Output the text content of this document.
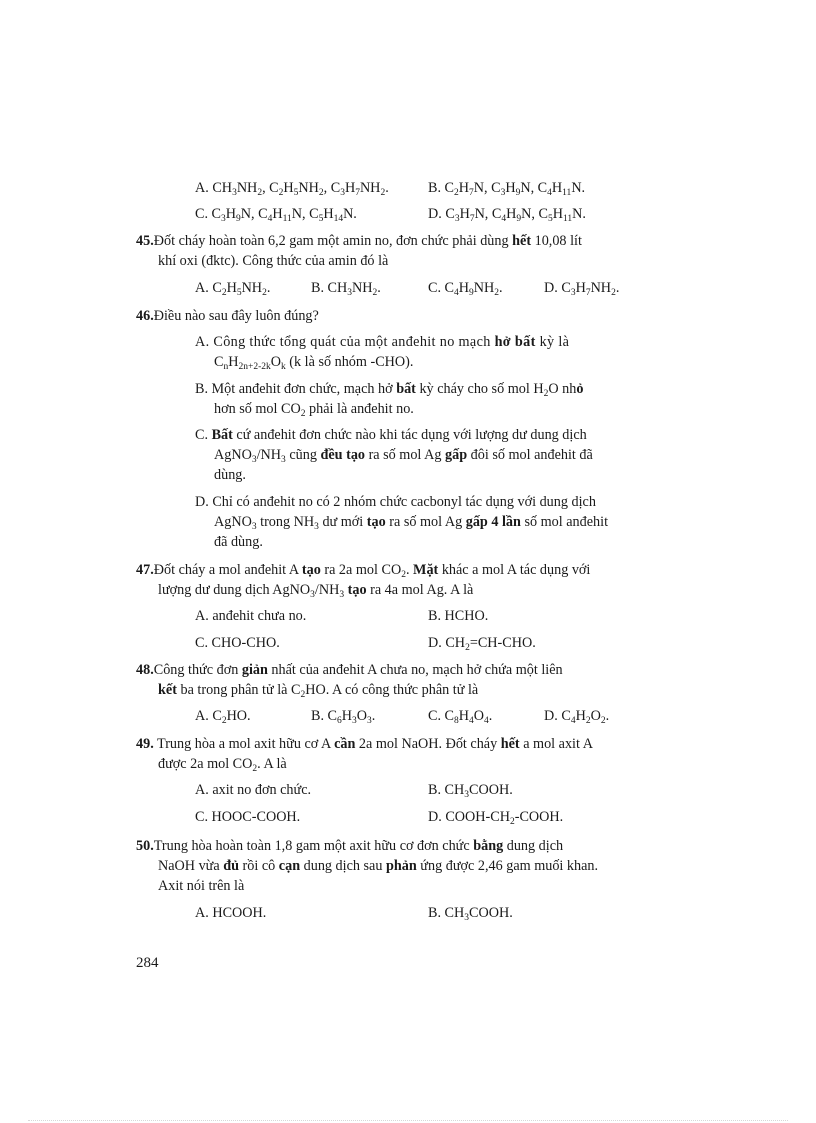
A. $CH_3NH_2$, $C_2H_5NH_2$, $C_3H_7NH_2$.	B. $C_2H_7N$, $C_3H_9N$, $C_4H_{11}N$.
C. $C_3H_9N$, $C_4H_{11}N$, $C_5H_{14}N$.	D. $C_3H_7N$, $C_4H_9N$, $C_5H_{11}N$.
45.Đốt cháy hoàn toàn 6,2 gam một amin no, đơn chức phải dùng hết 10,08 lít
khí oxi (đktc). Công thức của amin đó là
A. $C_2H_5NH_2$.	B. $CH_3NH_2$.	C. $C_4H_9NH_2$.	D. $C_3H_7NH_2$.
46.Điều nào sau đây luôn đúng?
A. Công thức tổng quát của một anđehit no mạch hở bất kỳ là
$C_nH_{2n+2-2k}O_k$ (k là số nhóm -CHO).
B. Một anđehit đơn chức, mạch hở bất kỳ cháy cho số mol $H_2O$ nhỏ
hơn số mol $CO_2$ phải là anđehit no.
C. Bất cứ anđehit đơn chức nào khi tác dụng với lượng dư dung dịch
$AgNO_3/NH_3$ cũng đều tạo ra số mol Ag gấp đôi số mol anđehit đã
dùng.
D. Chỉ có anđehit no có 2 nhóm chức cacbonyl tác dụng với dung dịch
AgNO$_3$ trong $NH_3$ dư mới tạo ra số mol Ag gấp 4 lần số mol anđehit
đã dùng.
47.Đốt cháy a mol anđehit A tạo ra 2a mol $CO_2$. Mặt khác a mol A tác dụng với
lượng dư dung dịch $AgNO_3/NH_3$ tạo ra 4a mol Ag. A là
A. anđehit chưa no.	B. HCHO.
C. CHO-CHO.	D. $CH_2=CH$-CHO.
48.Công thức đơn giản nhất của anđehit A chưa no, mạch hở chứa một liên
kết ba trong phân tử là $C_2HO$. A có công thức phân tử là
A. $C_2HO$.	B. $C_6H_3O_3$.	C. $C_8H_4O_4$.	D. $C_4H_2O_2$.
49. Trung hòa a mol axit hữu cơ A cần 2a mol NaOH. Đốt cháy hết a mol axit A
được 2a mol $CO_2$. A là
A. axit no đơn chức.	B. $CH_3COOH$.
C. HOOC-COOH.	D. COOH-$CH_2$-COOH.
50.Trung hòa hoàn toàn 1,8 gam một axit hữu cơ đơn chức bằng dung dịch
NaOH vừa đủ rồi cô cạn dung dịch sau phản ứng được 2,46 gam muối khan.
Axit nói trên là
A. HCOOH.	B. $CH_3COOH$.
284
